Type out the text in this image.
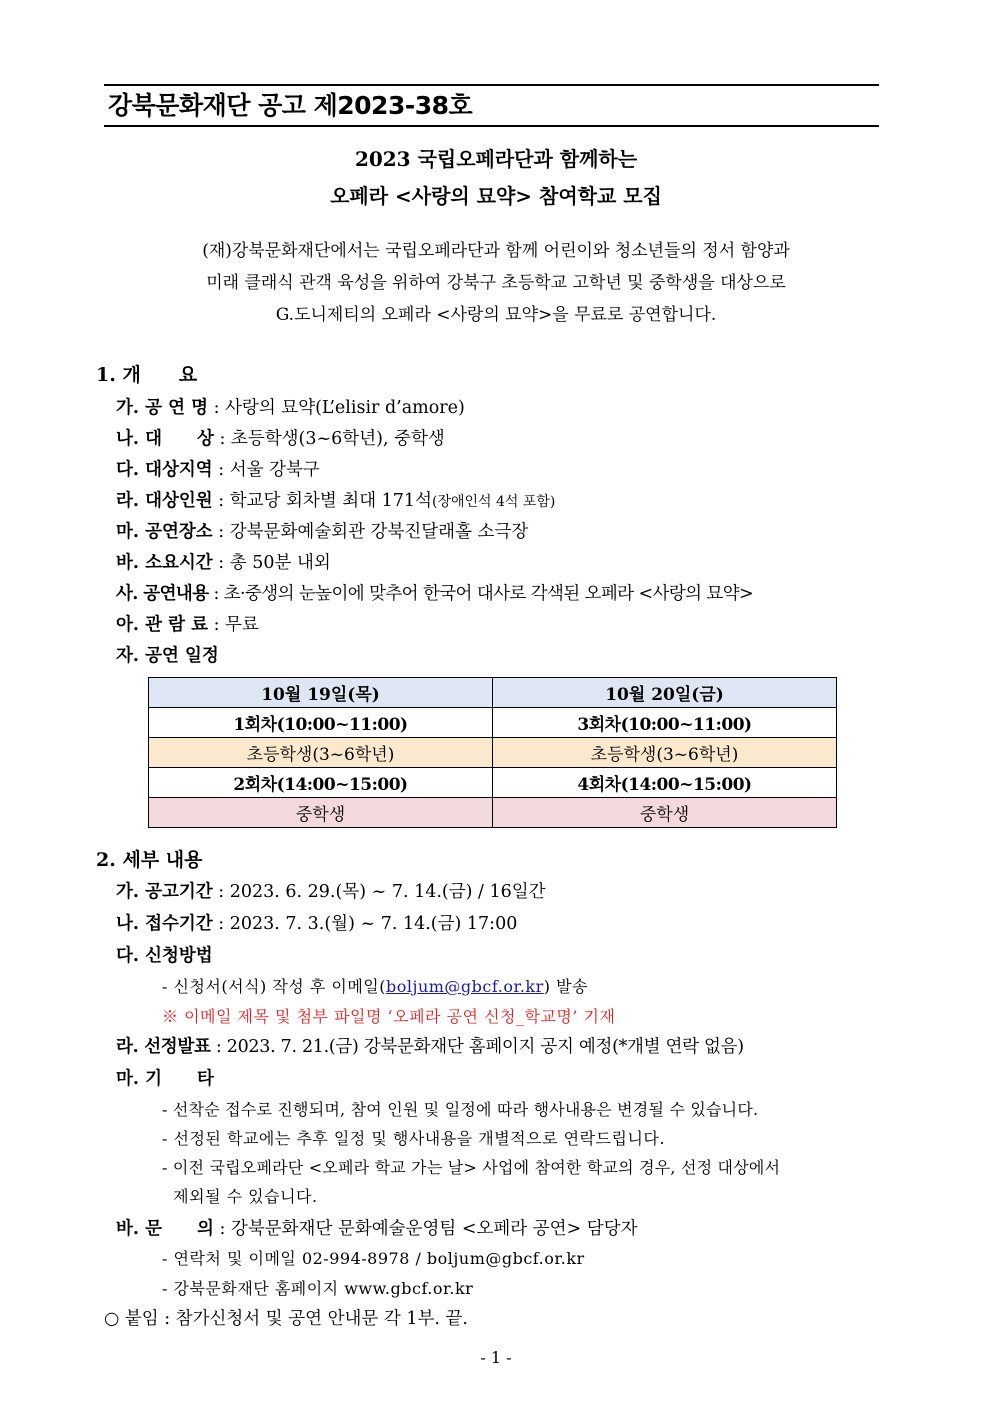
강북문화재단 공고 제2023-38호
2023 국립오페라단과 함께하는
오페라 <사랑의 묘약> 참여학교 모집
(재)강북문화재단에서는 국립오페라단과 함께 어린이와 청소년들의 정서 함양과
미래 클래식 관객 육성을 위하여 강북구 초등학교 고학년 및 중학생을 대상으로
G.도니제티의 오페라 <사랑의 묘약>을 무료로 공연합니다.
1. 개　　요
가. 공 연 명 : 사랑의 묘약(L’elisir d’amore)
나. 대　　상 : 초등학생(3~6학년), 중학생
다. 대상지역 : 서울 강북구
라. 대상인원 : 학교당 회차별 최대 171석(장애인석 4석 포함)
마. 공연장소 : 강북문화예술회관 강북진달래홀 소극장
바. 소요시간 : 총 50분 내외
사. 공연내용 : 초·중생의 눈높이에 맞추어 한국어 대사로 각색된 오페라 <사랑의 묘약>
아. 관 람 료 : 무료
자. 공연 일정
10월 19일(목)	10월 20일(금)
1회차(10:00~11:00)	3회차(10:00~11:00)
초등학생(3~6학년)	초등학생(3~6학년)
2회차(14:00~15:00)	4회차(14:00~15:00)
중학생	중학생
2. 세부 내용
가. 공고기간 : 2023. 6. 29.(목) ~ 7. 14.(금) / 16일간
나. 접수기간 : 2023. 7. 3.(월) ~ 7. 14.(금) 17:00
다. 신청방법
- 신청서(서식) 작성 후 이메일(boljum@gbcf.or.kr) 발송
※ 이메일 제목 및 첨부 파일명 ‘오페라 공연 신청_학교명’ 기재
라. 선정발표 : 2023. 7. 21.(금) 강북문화재단 홈페이지 공지 예정(*개별 연락 없음)
마. 기　　타
- 선착순 접수로 진행되며, 참여 인원 및 일정에 따라 행사내용은 변경될 수 있습니다.
- 선정된 학교에는 추후 일정 및 행사내용을 개별적으로 연락드립니다.
- 이전 국립오페라단 <오페라 학교 가는 날> 사업에 참여한 학교의 경우, 선정 대상에서
제외될 수 있습니다.
바. 문　　의 : 강북문화재단 문화예술운영팀 <오페라 공연> 담당자
- 연락처 및 이메일 02-994-8978 / boljum@gbcf.or.kr
- 강북문화재단 홈페이지 www.gbcf.or.kr
○ 붙임 : 참가신청서 및 공연 안내문 각 1부. 끝.
- 1 -
